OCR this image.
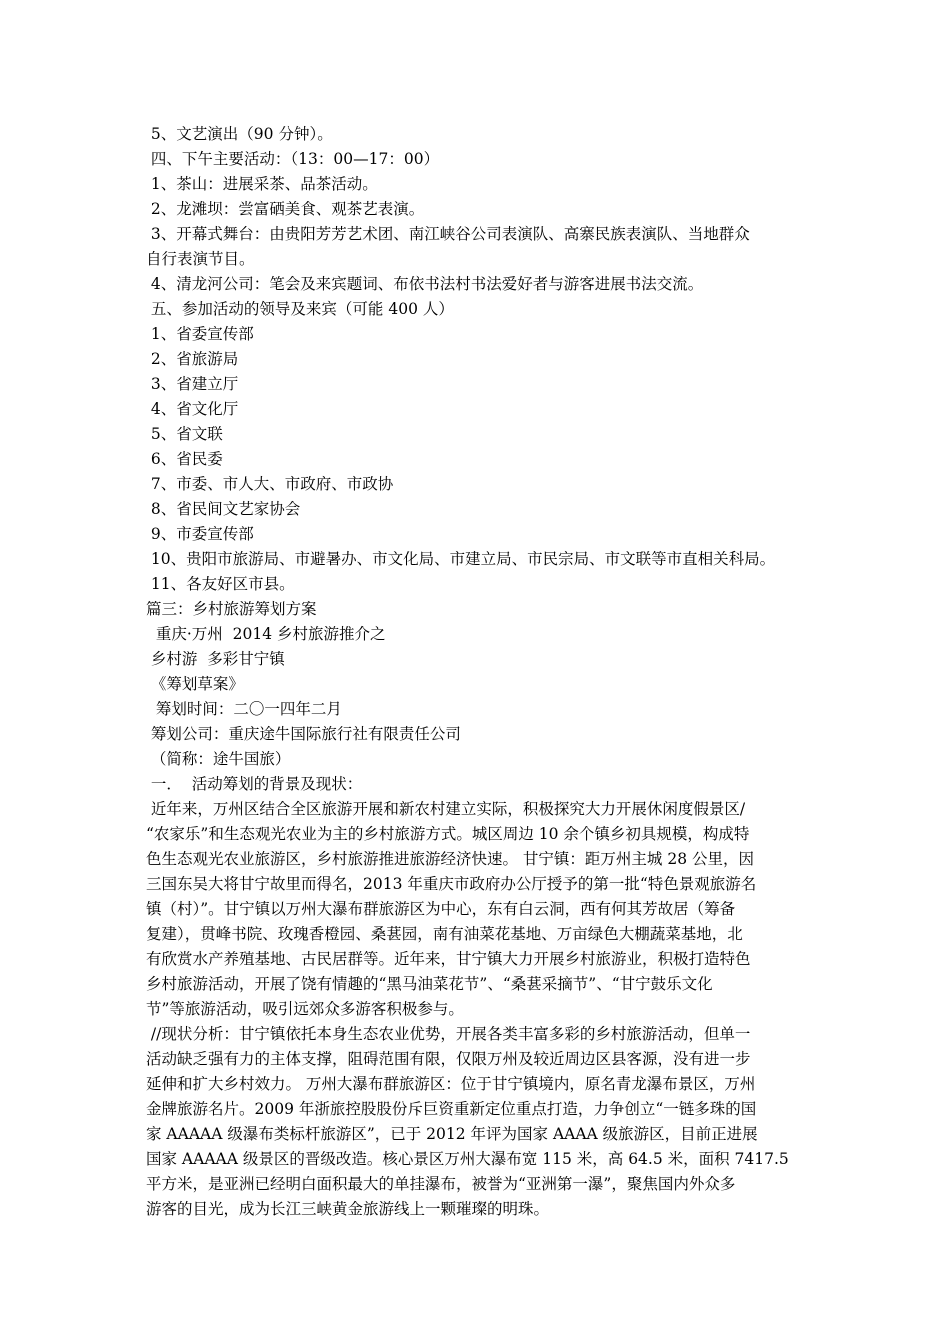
5、文艺演出（90 分钟）。
四、下午主要活动：（13：00—17：00）
1、茶山：进展采茶、品茶活动。
2、龙滩坝：尝富硒美食、观茶艺表演。
3、开幕式舞台：由贵阳芳芳艺术团、南江峡谷公司表演队、高寨民族表演队、当地群众
自行表演节目。
4、清龙河公司：笔会及来宾题词、布依书法村书法爱好者与游客进展书法交流。
五、参加活动的领导及来宾（可能 400 人）
1、省委宣传部
2、省旅游局
3、省建立厅
4、省文化厅
5、省文联
6、省民委
7、市委、市人大、市政府、市政协
8、省民间文艺家协会
9、市委宣传部
10、贵阳市旅游局、市避暑办、市文化局、市建立局、市民宗局、市文联等市直相关科局。
11、各友好区市县。
篇三：乡村旅游筹划方案
重庆·万州  2014 乡村旅游推介之
乡村游  多彩甘宁镇
《筹划草案》
筹划时间：二〇一四年二月
筹划公司：重庆途牛国际旅行社有限责任公司
（简称：途牛国旅）
一．  活动筹划的背景及现状：
近年来，万州区结合全区旅游开展和新农村建立实际，积极探究大力开展休闲度假景区/
“农家乐”和生态观光农业为主的乡村旅游方式。城区周边 10 余个镇乡初具规模，构成特
色生态观光农业旅游区，乡村旅游推进旅游经济快速。 甘宁镇：距万州主城 28 公里，因
三国东吴大将甘宁故里而得名，2013 年重庆市政府办公厅授予的第一批“特色景观旅游名
镇（村）”。甘宁镇以万州大瀑布群旅游区为中心，东有白云洞，西有何其芳故居（筹备
复建），贯峰书院、玫瑰香橙园、桑葚园，南有油菜花基地、万亩绿色大棚蔬菜基地，北
有欣赏水产养殖基地、古民居群等。近年来，甘宁镇大力开展乡村旅游业，积极打造特色
乡村旅游活动，开展了饶有情趣的“黑马油菜花节”、“桑葚采摘节”、“甘宁鼓乐文化
节”等旅游活动，吸引远郊众多游客积极参与。
//现状分析：甘宁镇依托本身生态农业优势，开展各类丰富多彩的乡村旅游活动，但单一
活动缺乏强有力的主体支撑，阻碍范围有限，仅限万州及较近周边区县客源，没有进一步
延伸和扩大乡村效力。 万州大瀑布群旅游区：位于甘宁镇境内，原名青龙瀑布景区，万州
金牌旅游名片。2009 年浙旅控股股份斥巨资重新定位重点打造，力争创立“一链多珠的国
家 AAAAA 级瀑布类标杆旅游区”，已于 2012 年评为国家 AAAA 级旅游区，目前正进展
国家 AAAAA 级景区的晋级改造。核心景区万州大瀑布宽 115 米，高 64.5 米，面积 7417.5
平方米，是亚洲已经明白面积最大的单挂瀑布，被誉为“亚洲第一瀑”，聚焦国内外众多
游客的目光，成为长江三峡黄金旅游线上一颗璀璨的明珠。
